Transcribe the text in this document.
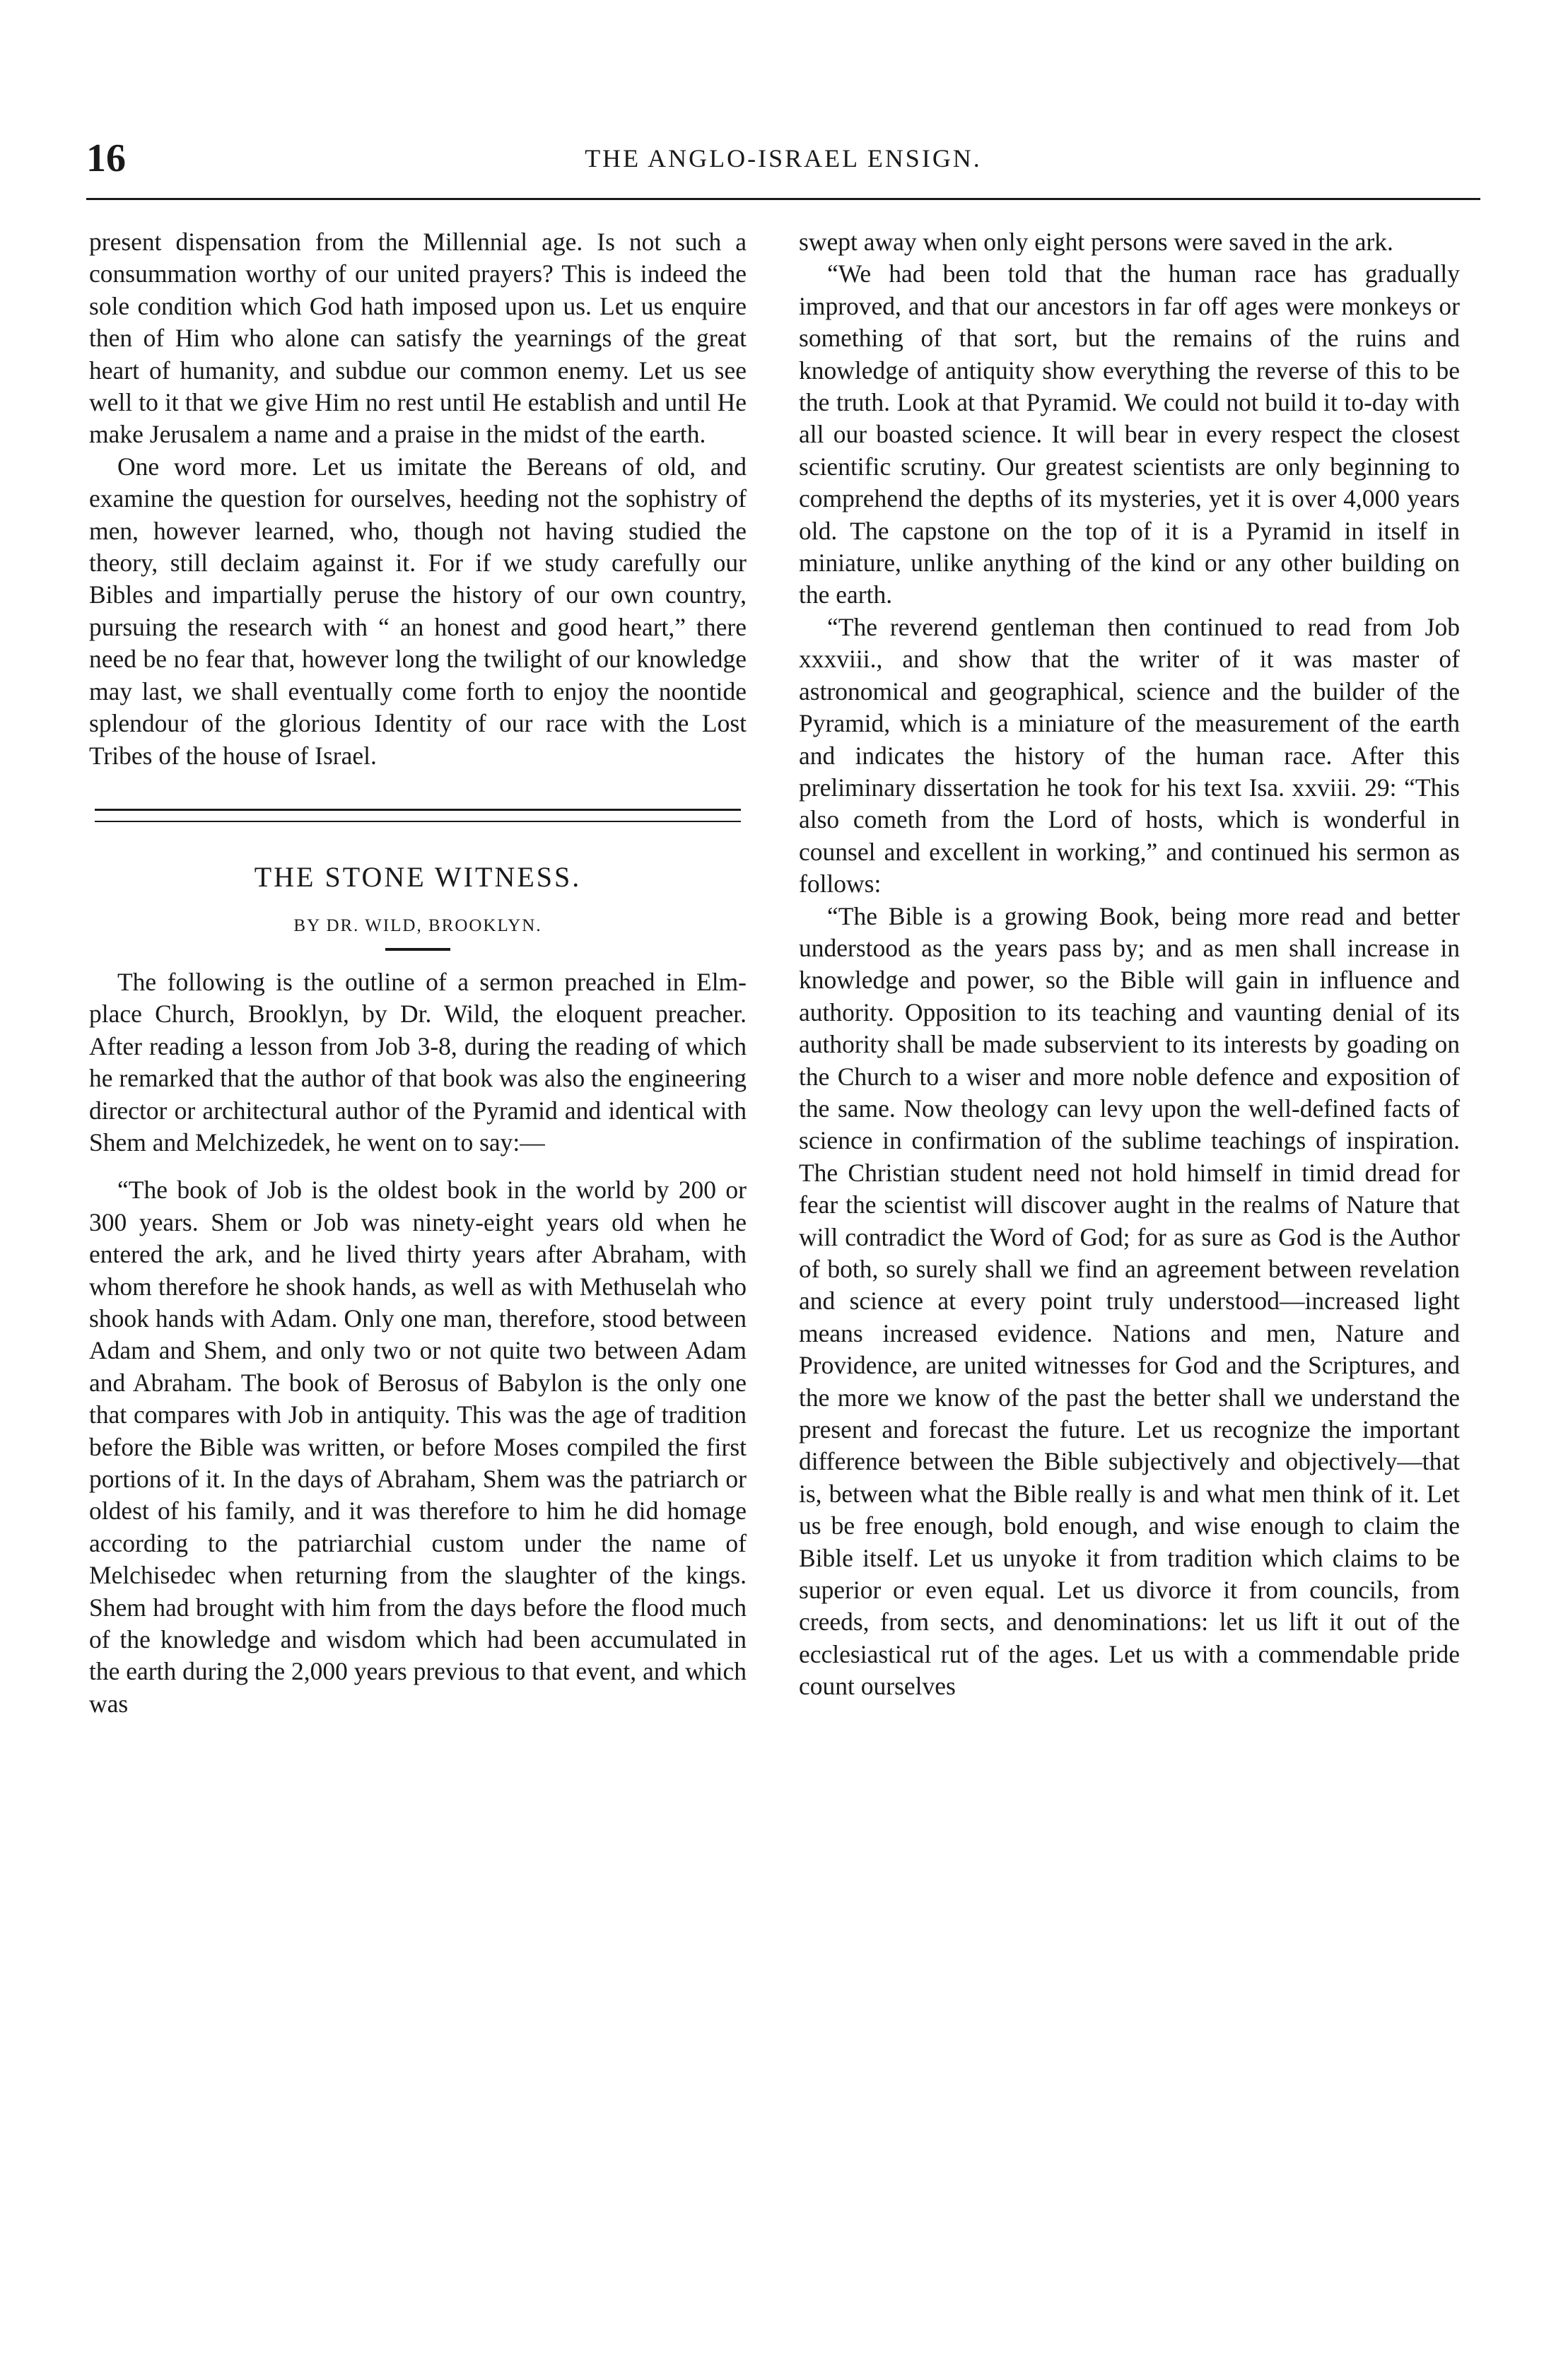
16	THE ANGLO-ISRAEL ENSIGN.

present dispensation from the Millennial age. Is not such a consummation worthy of our united prayers? This is indeed the sole condition which God hath imposed upon us. Let us enquire then of Him who alone can satisfy the yearnings of the great heart of humanity, and subdue our common enemy. Let us see well to it that we give Him no rest until He establish and until He make Jerusalem a name and a praise in the midst of the earth.

One word more. Let us imitate the Bereans of old, and examine the question for ourselves, heeding not the sophistry of men, however learned, who, though not having studied the theory, still declaim against it. For if we study carefully our Bibles and impartially peruse the history of our own country, pursuing the research with “ an honest and good heart,” there need be no fear that, however long the twilight of our knowledge may last, we shall eventually come forth to enjoy the noontide splendour of the glorious Identity of our race with the Lost Tribes of the house of Israel.

THE STONE WITNESS.
BY DR. WILD, BROOKLYN.

The following is the outline of a sermon preached in Elm-place Church, Brooklyn, by Dr. Wild, the eloquent preacher. After reading a lesson from Job 3-8, during the reading of which he remarked that the author of that book was also the engineering director or architectural author of the Pyramid and identical with Shem and Melchizedek, he went on to say:—

“The book of Job is the oldest book in the world by 200 or 300 years. Shem or Job was ninety-eight years old when he entered the ark, and he lived thirty years after Abraham, with whom therefore he shook hands, as well as with Methuselah who shook hands with Adam. Only one man, therefore, stood between Adam and Shem, and only two or not quite two between Adam and Abraham. The book of Berosus of Babylon is the only one that compares with Job in antiquity. This was the age of tradition before the Bible was written, or before Moses compiled the first portions of it. In the days of Abraham, Shem was the patriarch or oldest of his family, and it was therefore to him he did homage according to the patriarchial custom under the name of Melchisedec when returning from the slaughter of the kings. Shem had brought with him from the days before the flood much of the knowledge and wisdom which had been accumulated in the earth during the 2,000 years previous to that event, and which was

swept away when only eight persons were saved in the ark.

“We had been told that the human race has gradually improved, and that our ancestors in far off ages were monkeys or something of that sort, but the remains of the ruins and knowledge of antiquity show everything the reverse of this to be the truth. Look at that Pyramid. We could not build it to-day with all our boasted science. It will bear in every respect the closest scientific scrutiny. Our greatest scientists are only beginning to comprehend the depths of its mysteries, yet it is over 4,000 years old. The capstone on the top of it is a Pyramid in itself in miniature, unlike anything of the kind or any other building on the earth.

“The reverend gentleman then continued to read from Job xxxviii., and show that the writer of it was master of astronomical and geographical, science and the builder of the Pyramid, which is a miniature of the measurement of the earth and indicates the history of the human race. After this preliminary dissertation he took for his text Isa. xxviii. 29: “This also cometh from the Lord of hosts, which is wonderful in counsel and excellent in working,” and continued his sermon as follows:

“The Bible is a growing Book, being more read and better understood as the years pass by; and as men shall increase in knowledge and power, so the Bible will gain in influence and authority. Opposition to its teaching and vaunting denial of its authority shall be made subservient to its interests by goading on the Church to a wiser and more noble defence and exposition of the same. Now theology can levy upon the well-defined facts of science in confirmation of the sublime teachings of inspiration. The Christian student need not hold himself in timid dread for fear the scientist will discover aught in the realms of Nature that will contradict the Word of God; for as sure as God is the Author of both, so surely shall we find an agreement between revelation and science at every point truly understood—increased light means increased evidence. Nations and men, Nature and Providence, are united witnesses for God and the Scriptures, and the more we know of the past the better shall we understand the present and forecast the future. Let us recognize the important difference between the Bible subjectively and objectively—that is, between what the Bible really is and what men think of it. Let us be free enough, bold enough, and wise enough to claim the Bible itself. Let us unyoke it from tradition which claims to be superior or even equal. Let us divorce it from councils, from creeds, from sects, and denominations: let us lift it out of the ecclesiastical rut of the ages. Let us with a commendable pride count ourselves
